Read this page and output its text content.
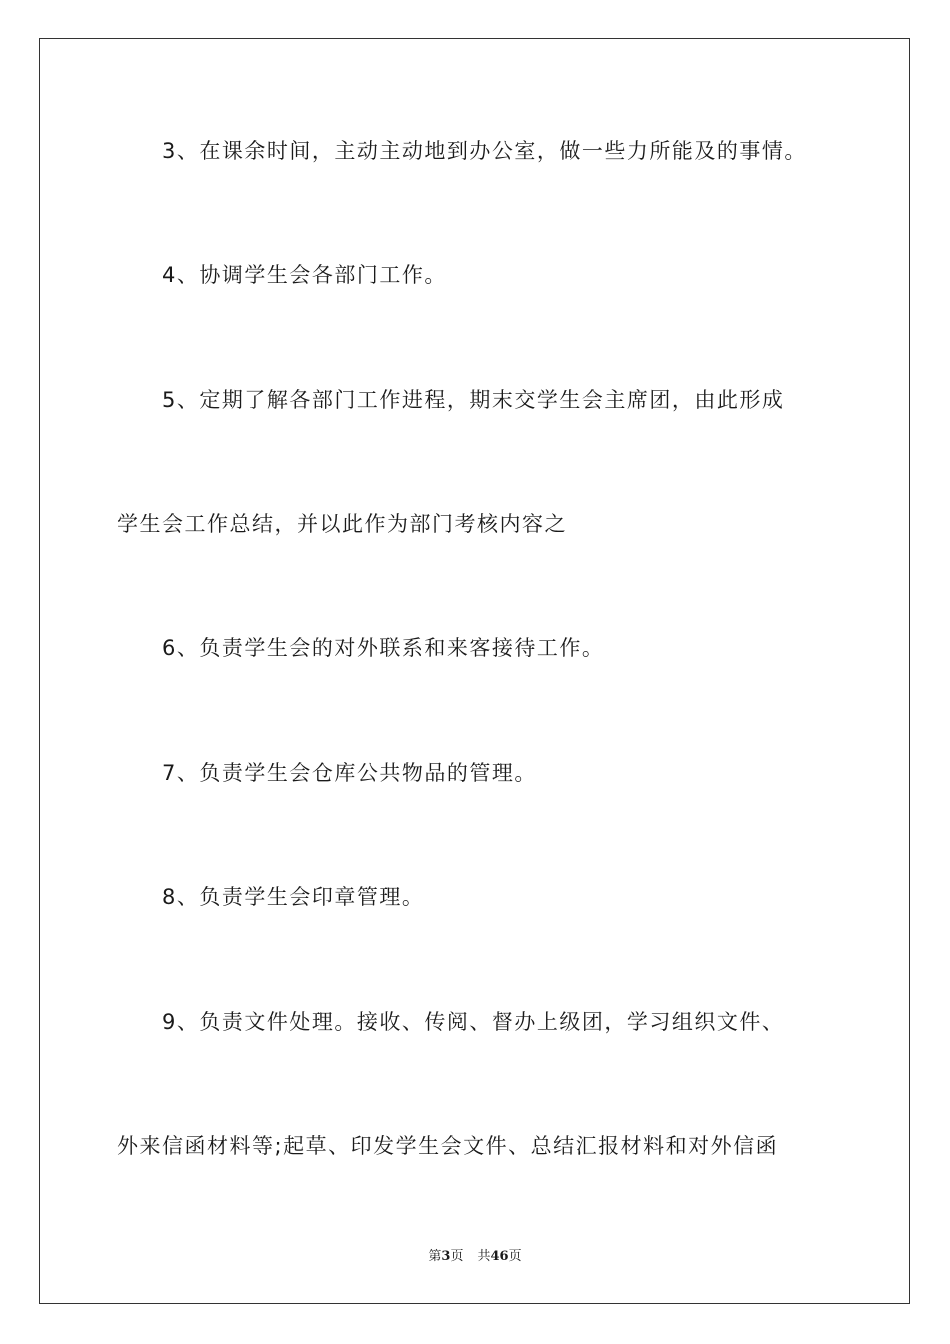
3、在课余时间，主动主动地到办公室，做一些力所能及的事情。
4、协调学生会各部门工作。
5、定期了解各部门工作进程，期末交学生会主席团，由此形成
学生会工作总结，并以此作为部门考核内容之
6、负责学生会的对外联系和来客接待工作。
7、负责学生会仓库公共物品的管理。
8、负责学生会印章管理。
9、负责文件处理。接收、传阅、督办上级团，学习组织文件、
外来信函材料等;起草、印发学生会文件、总结汇报材料和对外信函
第3页 共46页
